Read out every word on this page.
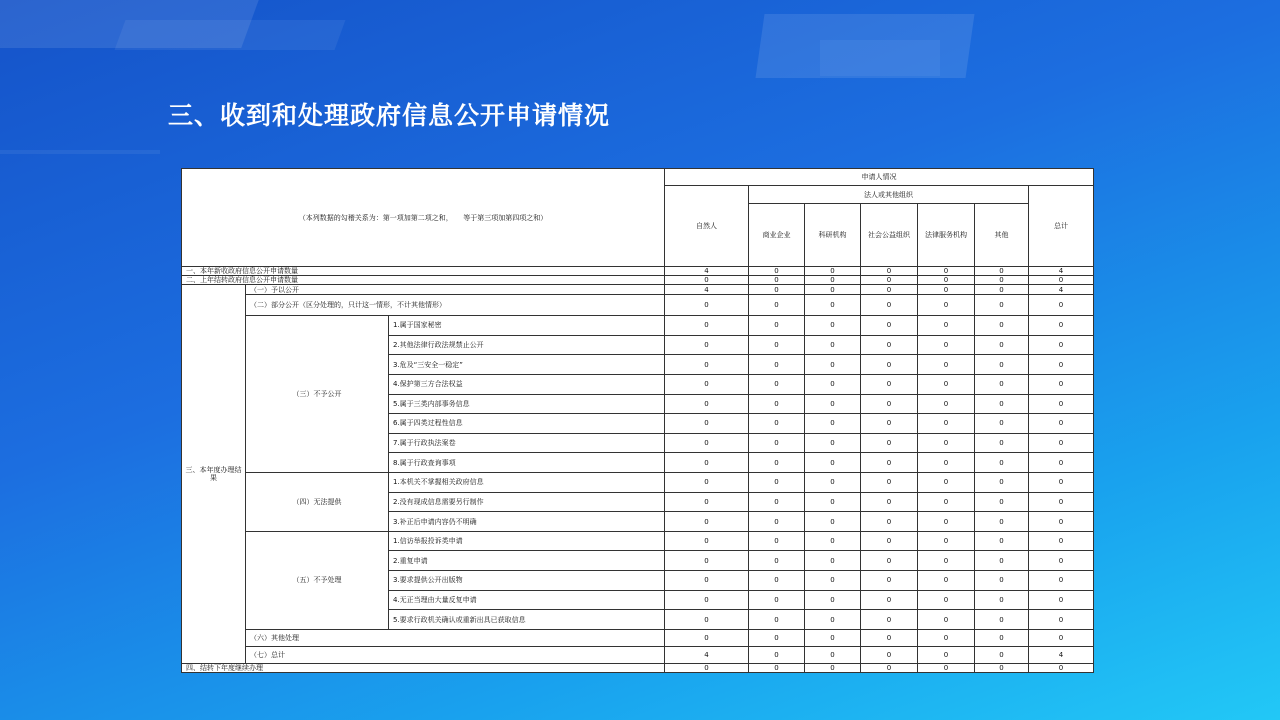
三、收到和处理政府信息公开申请情况
（本列数据的勾稽关系为：第一项加第二项之和，　　等于第三项加第四项之和）			申请人情况						
			自然人	法人或其他组织					总计
				商业企业	科研机构	社会公益组织	法律服务机构	其他	
一、本年新收政府信息公开申请数量			4	0	0	0	0	0	4
二、上年结转政府信息公开申请数量			0	0	0	0	0	0	0
三、本年度办理结果	（一）予以公开		4	0	0	0	0	0	4
	（二）部分公开（区分处理的，只计这一情形，不计其他情形）		0	0	0	0	0	0	0
	（三）不予公开	1.属于国家秘密	0	0	0	0	0	0	0
		2.其他法律行政法规禁止公开	0	0	0	0	0	0	0
		3.危及“三安全一稳定”	0	0	0	0	0	0	0
		4.保护第三方合法权益	0	0	0	0	0	0	0
		5.属于三类内部事务信息	0	0	0	0	0	0	0
		6.属于四类过程性信息	0	0	0	0	0	0	0
		7.属于行政执法案卷	0	0	0	0	0	0	0
		8.属于行政查询事项	0	0	0	0	0	0	0
	（四）无法提供	1.本机关不掌握相关政府信息	0	0	0	0	0	0	0
		2.没有现成信息需要另行制作	0	0	0	0	0	0	0
		3.补正后申请内容仍不明确	0	0	0	0	0	0	0
	（五）不予处理	1.信访举报投诉类申请	0	0	0	0	0	0	0
		2.重复申请	0	0	0	0	0	0	0
		3.要求提供公开出版物	0	0	0	0	0	0	0
		4.无正当理由大量反复申请	0	0	0	0	0	0	0
		5.要求行政机关确认或重新出具已获取信息	0	0	0	0	0	0	0
	（六）其他处理		0	0	0	0	0	0	0
	（七）总计		4	0	0	0	0	0	4
四、结转下年度继续办理			0	0	0	0	0	0	0
